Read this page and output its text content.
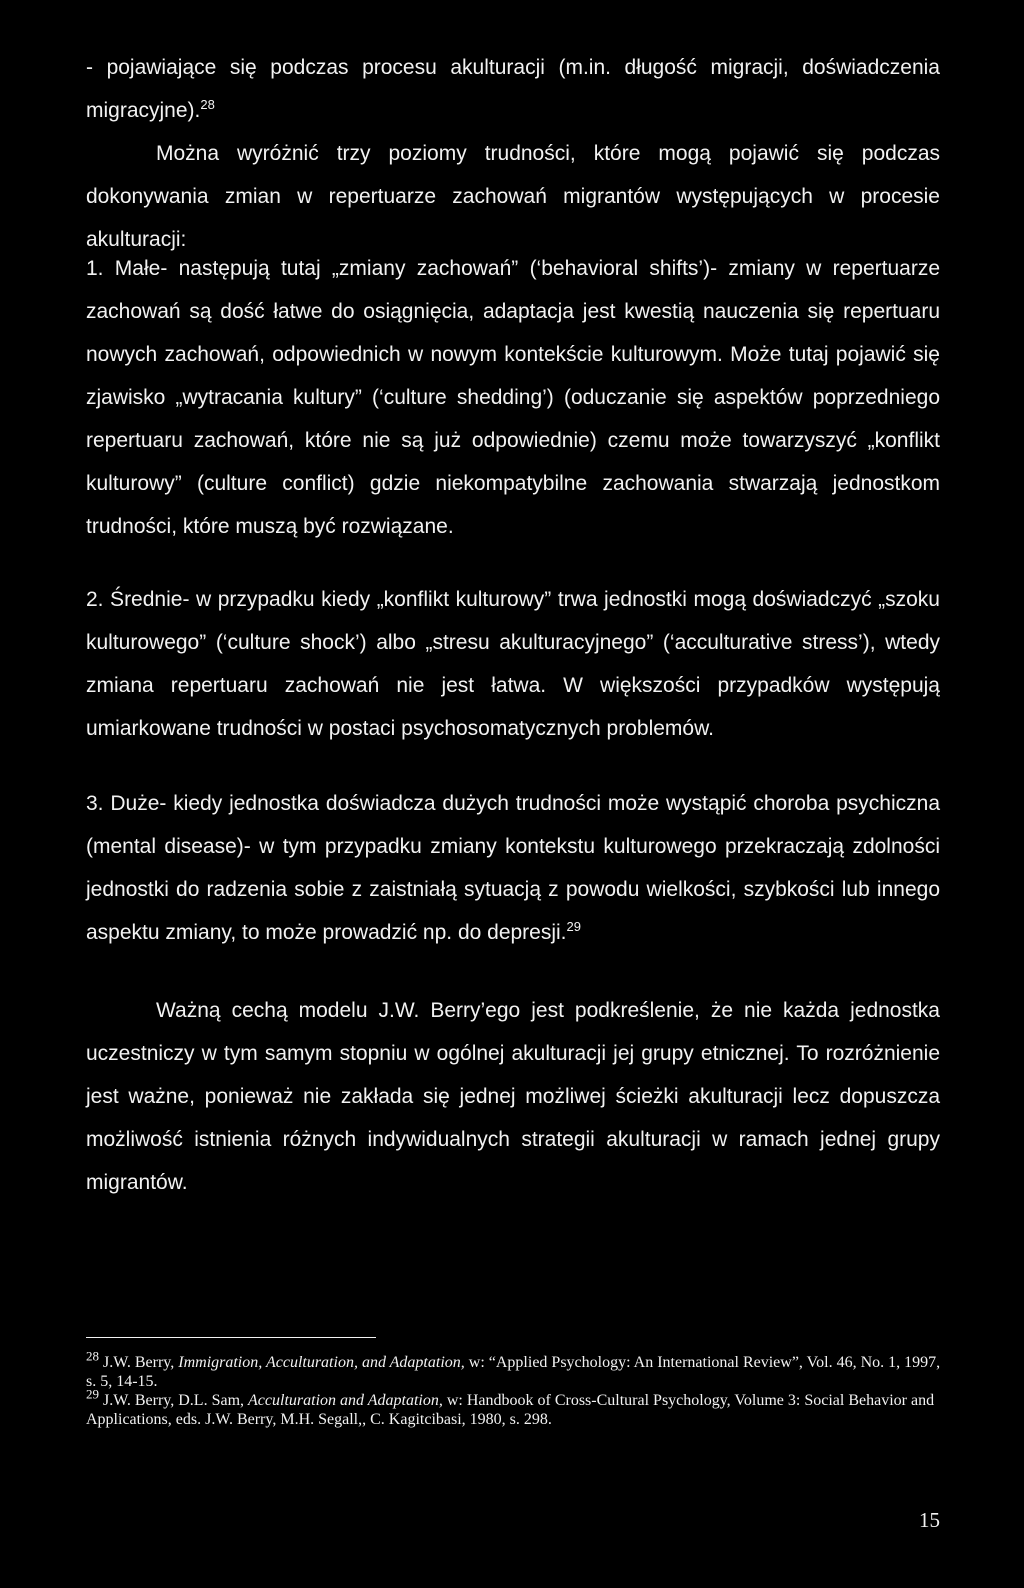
- pojawiające się podczas procesu akulturacji (m.in. długość migracji, doświadczenia migracyjne).$^{28}$

Można wyróżnić trzy poziomy trudności, które mogą pojawić się podczas dokonywania zmian w repertuarze zachowań migrantów występujących w procesie akulturacji:

1. Małe- następują tutaj „zmiany zachowań” (‘behavioral shifts’)- zmiany w repertuarze zachowań są dość łatwe do osiągnięcia, adaptacja jest kwestią nauczenia się repertuaru nowych zachowań, odpowiednich w nowym kontekście kulturowym. Może tutaj pojawić się zjawisko „wytracania kultury” (‘culture shedding’) (oduczanie się aspektów poprzedniego repertuaru zachowań, które nie są już odpowiednie) czemu może towarzyszyć „konflikt kulturowy” (culture conflict) gdzie niekompatybilne zachowania stwarzają jednostkom trudności, które muszą być rozwiązane.

2. Średnie- w przypadku kiedy „konflikt kulturowy” trwa jednostki mogą doświadczyć „szoku kulturowego” (‘culture shock’) albo „stresu akulturacyjnego” (‘acculturative stress’), wtedy zmiana repertuaru zachowań nie jest łatwa. W większości przypadków występują umiarkowane trudności w postaci psychosomatycznych problemów.

3. Duże- kiedy jednostka doświadcza dużych trudności może wystąpić choroba psychiczna (mental disease)- w tym przypadku zmiany kontekstu kulturowego przekraczają zdolności jednostki do radzenia sobie z zaistniałą sytuacją z powodu wielkości, szybkości lub innego aspektu zmiany, to może prowadzić np. do depresji.$^{29}$

Ważną cechą modelu J.W. Berry’ego jest podkreślenie, że nie każda jednostka uczestniczy w tym samym stopniu w ogólnej akulturacji jej grupy etnicznej. To rozróżnienie jest ważne, ponieważ nie zakłada się jednej możliwej ścieżki akulturacji lecz dopuszcza możliwość istnienia różnych indywidualnych strategii akulturacji w ramach jednej grupy migrantów.

$^{28}$ J.W. Berry, Immigration, Acculturation, and Adaptation, w: “Applied Psychology: An International Review”, Vol. 46, No. 1, 1997, s. 5, 14-15.

$^{29}$ J.W. Berry, D.L. Sam, Acculturation and Adaptation, w: Handbook of Cross-Cultural Psychology, Volume 3: Social Behavior and Applications, eds. J.W. Berry, M.H. Segall,, C. Kagitcibasi, 1980, s. 298.

15
